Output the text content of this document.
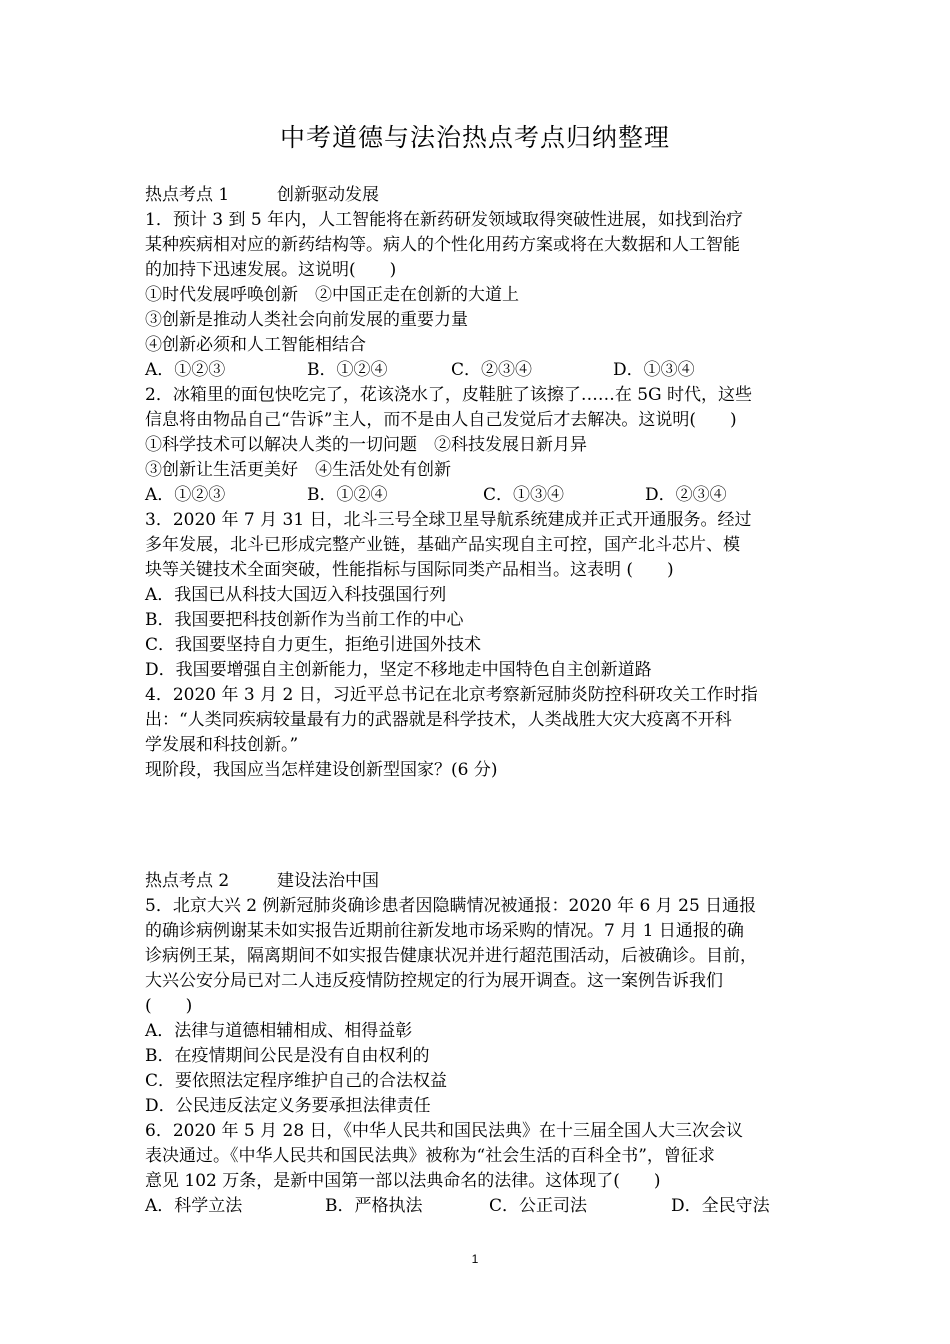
中考道德与法治热点考点归纳整理

热点考点 1	创新驱动发展

1．预计 3 到 5 年内，人工智能将在新药研发领域取得突破性进展，如找到治疗

某种疾病相对应的新药结构等。病人的个性化用药方案或将在大数据和人工智能

的加持下迅速发展。这说明(　　)

①时代发展呼唤创新　②中国正走在创新的大道上

③创新是推动人类社会向前发展的重要力量

④创新必须和人工智能相结合

A．①②③	B．①②④	C．②③④	D．①③④

2．冰箱里的面包快吃完了，花该浇水了，皮鞋脏了该擦了……在 5G 时代，这些

信息将由物品自己“告诉”主人，而不是由人自己发觉后才去解决。这说明(　　)

①科学技术可以解决人类的一切问题　②科技发展日新月异

③创新让生活更美好　④生活处处有创新

A．①②③	B．①②④	C．①③④	D．②③④

3．2020 年 7 月 31 日，北斗三号全球卫星导航系统建成并正式开通服务。经过

多年发展，北斗已形成完整产业链，基础产品实现自主可控，国产北斗芯片、模

块等关键技术全面突破，性能指标与国际同类产品相当。这表明 (　　)

A．我国已从科技大国迈入科技强国行列

B．我国要把科技创新作为当前工作的中心

C．我国要坚持自力更生，拒绝引进国外技术

D．我国要增强自主创新能力，坚定不移地走中国特色自主创新道路

4．2020 年 3 月 2 日，习近平总书记在北京考察新冠肺炎防控科研攻关工作时指

出：“人类同疾病较量最有力的武器就是科学技术，人类战胜大灾大疫离不开科

学发展和科技创新。”

现阶段，我国应当怎样建设创新型国家？(6 分)

热点考点 2	建设法治中国

5．北京大兴 2 例新冠肺炎确诊患者因隐瞒情况被通报：2020 年 6 月 25 日通报

的确诊病例谢某未如实报告近期前往新发地市场采购的情况。7 月 1 日通报的确

诊病例王某，隔离期间不如实报告健康状况并进行超范围活动，后被确诊。目前，

大兴公安分局已对二人违反疫情防控规定的行为展开调查。这一案例告诉我们

(　　)

A．法律与道德相辅相成、相得益彰

B．在疫情期间公民是没有自由权利的

C．要依照法定程序维护自己的合法权益

D．公民违反法定义务要承担法律责任

6．2020 年 5 月 28 日，《中华人民共和国民法典》在十三届全国人大三次会议

表决通过。《中华人民共和国民法典》被称为“社会生活的百科全书”，曾征求

意见 102 万条，是新中国第一部以法典命名的法律。这体现了(　　)

A．科学立法	B．严格执法	C．公正司法	D．全民守法

1
